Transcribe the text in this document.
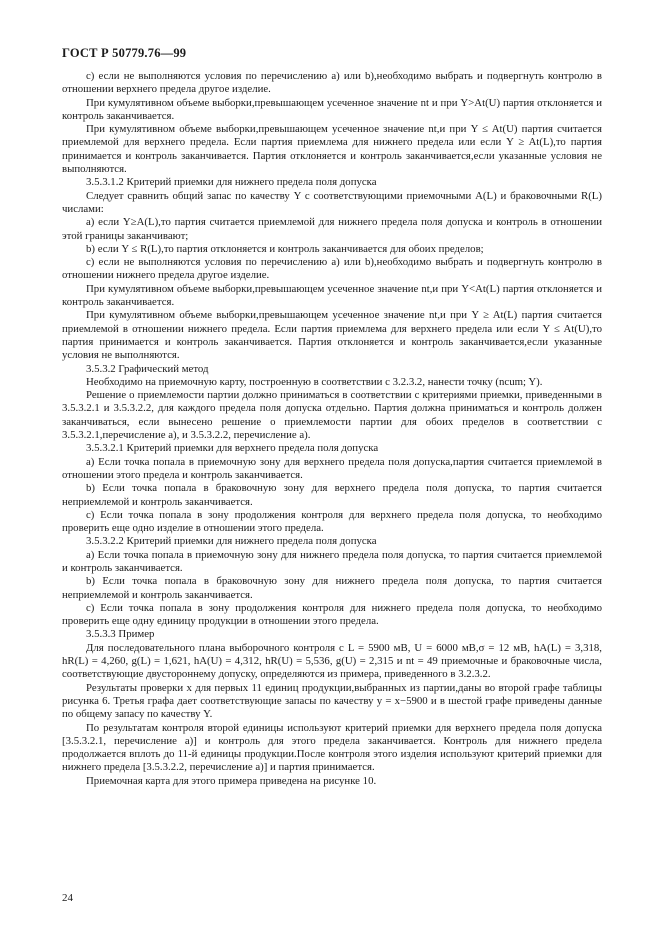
ГОСТ Р 50779.76—99

с) если не выполняются условия по перечислению а) или b),необходимо выбрать и подвергнуть контролю в отношении верхнего предела другое изделие.

При кумулятивном объеме выборки,превышающем усеченное значение nt и при Y>At(U) партия отклоняется и контроль заканчивается.

При кумулятивном объеме выборки,превышающем усеченное значение nt,и при Y ≤ At(U) партия считается приемлемой для верхнего предела. Если партия приемлема для нижнего предела или если Y ≥ At(L),то партия принимается и контроль заканчивается. Партия отклоняется и контроль заканчивается,если указанные условия не выполняются.

3.5.3.1.2 Критерий приемки для нижнего предела поля допуска

Следует сравнить общий запас по качеству Y с соответствующими приемочными A(L) и браковочными R(L) числами:

а) если Y≥A(L),то партия считается приемлемой для нижнего предела поля допуска и контроль в отношении этой границы заканчивают;

b) если Y ≤ R(L),то партия отклоняется и контроль заканчивается для обоих пределов;

с) если не выполняются условия по перечислению а) или b),необходимо выбрать и подвергнуть контролю в отношении нижнего предела другое изделие.

При кумулятивном объеме выборки,превышающем усеченное значение nt,и при Y<At(L) партия отклоняется и контроль заканчивается.

При кумулятивном объеме выборки,превышающем усеченное значение nt,и при Y ≥ At(L) партия считается приемлемой в отношении нижнего предела. Если партия приемлема для верхнего предела или если Y ≤ At(U),то партия принимается и контроль заканчивается. Партия отклоняется и контроль заканчивается,если указанные условия не выполняются.

3.5.3.2 Графический метод

Необходимо на приемочную карту, построенную в соответствии с 3.2.3.2, нанести точку (ncum; Y).

Решение о приемлемости партии должно приниматься в соответствии с критериями приемки, приведенными в 3.5.3.2.1 и 3.5.3.2.2, для каждого предела поля допуска отдельно. Партия должна приниматься и контроль должен заканчиваться, если вынесено решение о приемлемости партии для обоих пределов в соответствии с 3.5.3.2.1,перечисление а), и 3.5.3.2.2, перечисление а).

3.5.3.2.1 Критерий приемки для верхнего предела поля допуска

а) Если точка попала в приемочную зону для верхнего предела поля допуска,партия считается приемлемой в отношении этого предела и контроль заканчивается.

b) Если точка попала в браковочную зону для верхнего предела поля допуска, то партия считается неприемлемой и контроль заканчивается.

с) Если точка попала в зону продолжения контроля для верхнего предела поля допуска, то необходимо проверить еще одно изделие в отношении этого предела.

3.5.3.2.2 Критерий приемки для нижнего предела поля допуска

а) Если точка попала в приемочную зону для нижнего предела поля допуска, то партия считается приемлемой и контроль заканчивается.

b) Если точка попала в браковочную зону для нижнего предела поля допуска, то партия считается неприемлемой и контроль заканчивается.

с) Если точка попала в зону продолжения контроля для нижнего предела поля допуска, то необходимо проверить еще одну единицу продукции в отношении этого предела.

3.5.3.3 Пример

Для последовательного плана выборочного контроля с L = 5900 мВ, U = 6000 мВ,σ = 12 мВ, hA(L) = 3,318, hR(L) = 4,260, g(L) = 1,621, hA(U) = 4,312, hR(U) = 5,536, g(U) = 2,315 и nt = 49 приемочные и браковочные числа, соответствующие двустороннему допуску, определяются из примера, приведенного в 3.2.3.2.

Результаты проверки x для первых 11 единиц продукции,выбранных из партии,даны во второй графе таблицы рисунка 6. Третья графа дает соответствующие запасы по качеству y = x−5900 и в шестой графе приведены данные по общему запасу по качеству Y.

По результатам контроля второй единицы используют критерий приемки для верхнего предела поля допуска [3.5.3.2.1, перечисление а)] и контроль для этого предела заканчивается. Контроль для нижнего предела продолжается вплоть до 11-й единицы продукции.После контроля этого изделия используют критерий приемки для нижнего предела [3.5.3.2.2, перечисление а)] и партия принимается.

Приемочная карта для этого примера приведена на рисунке 10.

24
